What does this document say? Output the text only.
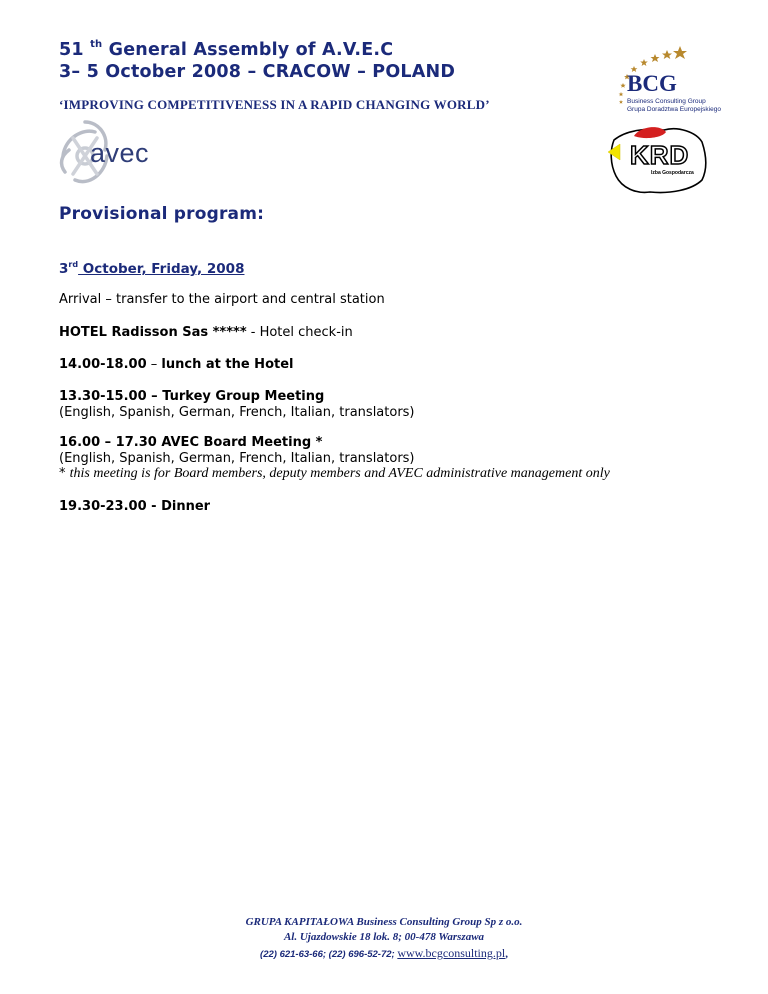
51 $^{th}$ General Assembly of A.V.E.C
3– 5 October 2008 – CRACOW – POLAND
‘IMPROVING COMPETITIVENESS IN A RAPID CHANGING WORLD’
avec
BCG
Business Consulting Group
Grupa Doradztwa Europejskiego
KRD
Izba Gospodarcza
Provisional program:
3rd October, Friday, 2008
Arrival – transfer to the airport and central station
HOTEL Radisson Sas ***** - Hotel check-in
14.00-18.00 – lunch at the Hotel
13.30-15.00 – Turkey Group Meeting
(English, Spanish, German, French, Italian, translators)
16.00 – 17.30 AVEC Board Meeting *
(English, Spanish, German, French, Italian, translators)
* this meeting is for Board members, deputy members and AVEC administrative management only
19.30-23.00 - Dinner
GRUPA KAPITAŁOWA Business Consulting Group Sp z o.o.
Al. Ujazdowskie 18 lok. 8; 00-478 Warszawa
(22) 621-63-66; (22) 696-52-72; www.bcgconsulting.pl,
